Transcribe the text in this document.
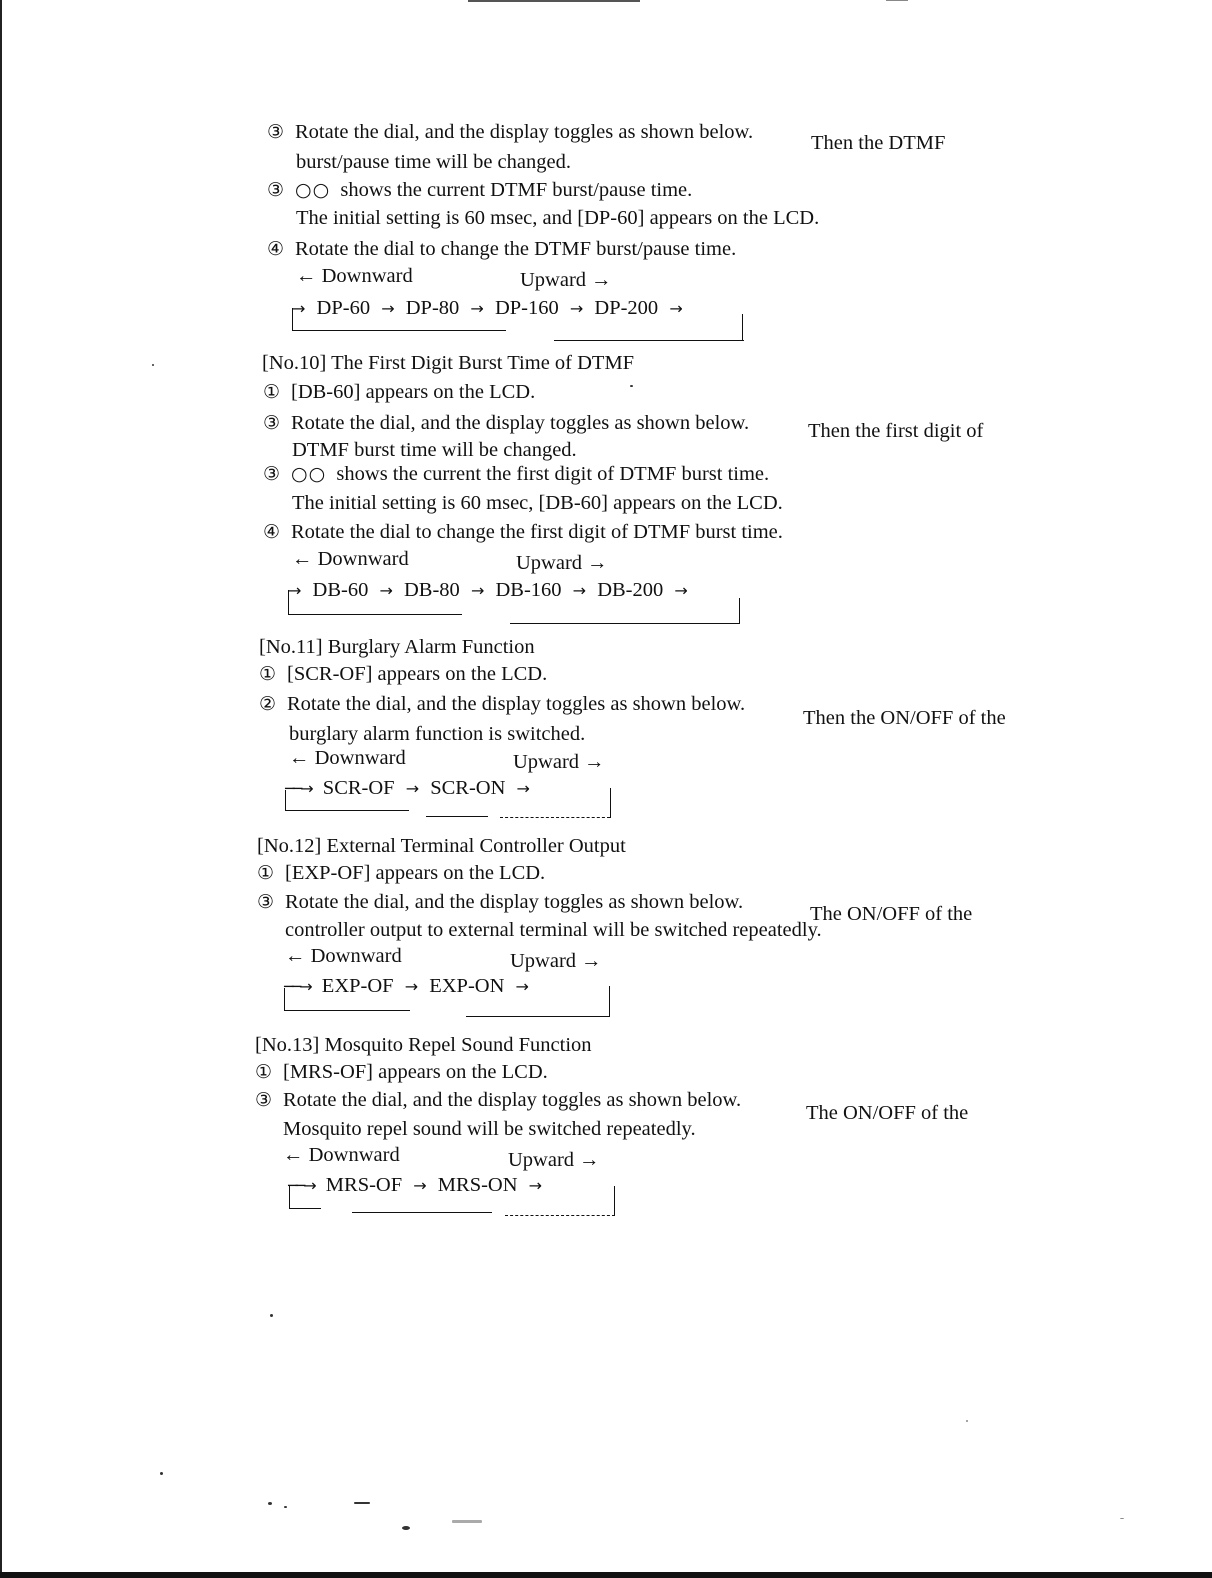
③ Rotate the dial, and the display toggles as shown below.	Then the DTMF
burst/pause time will be changed.
③ ○○ shows the current DTMF burst/pause time.
The initial setting is 60 msec, and [DP-60] appears on the LCD.
④ Rotate the dial to change the DTMF burst/pause time.
← Downward	Upward →
→ DP-60 → DP-80 → DP-160 → DP-200 →
[No.10] The First Digit Burst Time of DTMF
① [DB-60] appears on the LCD.
③ Rotate the dial, and the display toggles as shown below.	Then the first digit of
DTMF burst time will be changed.
③ ○○ shows the current the first digit of DTMF burst time.
The initial setting is 60 msec, [DB-60] appears on the LCD.
④ Rotate the dial to change the first digit of DTMF burst time.
← Downward	Upward →
→ DB-60 → DB-80 → DB-160 → DB-200 →
[No.11] Burglary Alarm Function
① [SCR-OF] appears on the LCD.
② Rotate the dial, and the display toggles as shown below.
Then the ON/OFF of the
burglary alarm function is switched.
← Downward	Upward →
──→ SCR-OF → SCR-ON →
[No.12] External Terminal Controller Output
① [EXP-OF] appears on the LCD.
③ Rotate the dial, and the display toggles as shown below.
The ON/OFF of the
controller output to external terminal will be switched repeatedly.
← Downward	Upward →
──→ EXP-OF → EXP-ON →
[No.13] Mosquito Repel Sound Function
① [MRS-OF] appears on the LCD.
③ Rotate the dial, and the display toggles as shown below.
The ON/OFF of the
Mosquito repel sound will be switched repeatedly.
← Downward	Upward →
──→ MRS-OF → MRS-ON →
